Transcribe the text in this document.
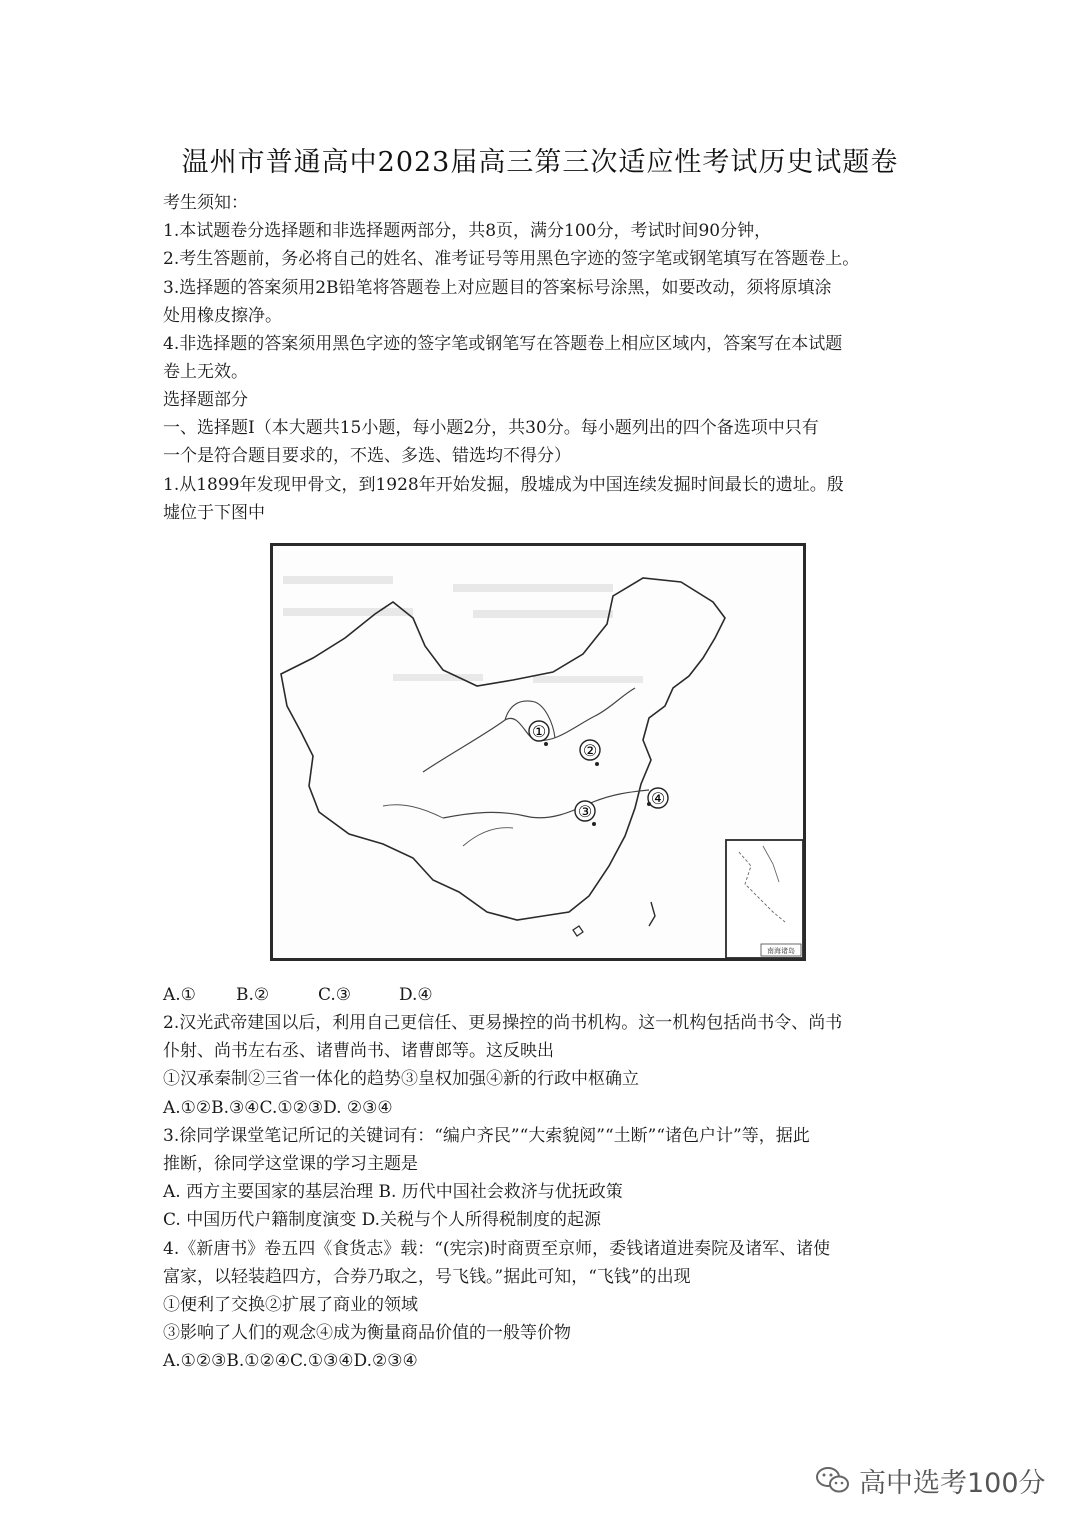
温州市普通高中2023届高三第三次适应性考试历史试题卷
考生须知：
1.本试题卷分选择题和非选择题两部分，共8页，满分100分，考试时间90分钟，
2.考生答题前，务必将自己的姓名、准考证号等用黑色字迹的签字笔或钢笔填写在答题卷上。
3.选择题的答案须用2B铅笔将答题卷上对应题目的答案标号涂黑，如要改动，须将原填涂
处用橡皮擦净。
4.非选择题的答案须用黑色字迹的签字笔或钢笔写在答题卷上相应区域内，答案写在本试题
卷上无效。
选择题部分
一、选择题Ⅰ（本大题共15小题，每小题2分，共30分。每小题列出的四个备选项中只有
一个是符合题目要求的，不选、多选、错选均不得分）
1.从1899年发现甲骨文，到1928年开始发掘，殷墟成为中国连续发掘时间最长的遗址。殷
墟位于下图中
①
②
③
④
南海诸岛
A.① B.②	C.③	D.④
2.汉光武帝建国以后，利用自己更信任、更易操控的尚书机构。这一机构包括尚书令、尚书
仆射、尚书左右丞、诸曹尚书、诸曹郎等。这反映出
①汉承秦制②三省一体化的趋势③皇权加强④新的行政中枢确立
A.①②B.③④C.①②③D. ②③④
3.徐同学课堂笔记所记的关键词有：“编户齐民”“大索貌阅”“土断”“诸色户计”等，据此
推断，徐同学这堂课的学习主题是
A. 西方主要国家的基层治理 B. 历代中国社会救济与优抚政策
C. 中国历代户籍制度演变 D.关税与个人所得税制度的起源
4.《新唐书》卷五四《食货志》载：“(宪宗)时商贾至京师，委钱诸道进奏院及诸军、诸使
富家，以轻装趋四方，合券乃取之，号飞钱。”据此可知，“飞钱”的出现
①便利了交换②扩展了商业的领域
③影响了人们的观念④成为衡量商品价值的一般等价物
A.①②③B.①②④C.①③④D.②③④
高中选考100分
